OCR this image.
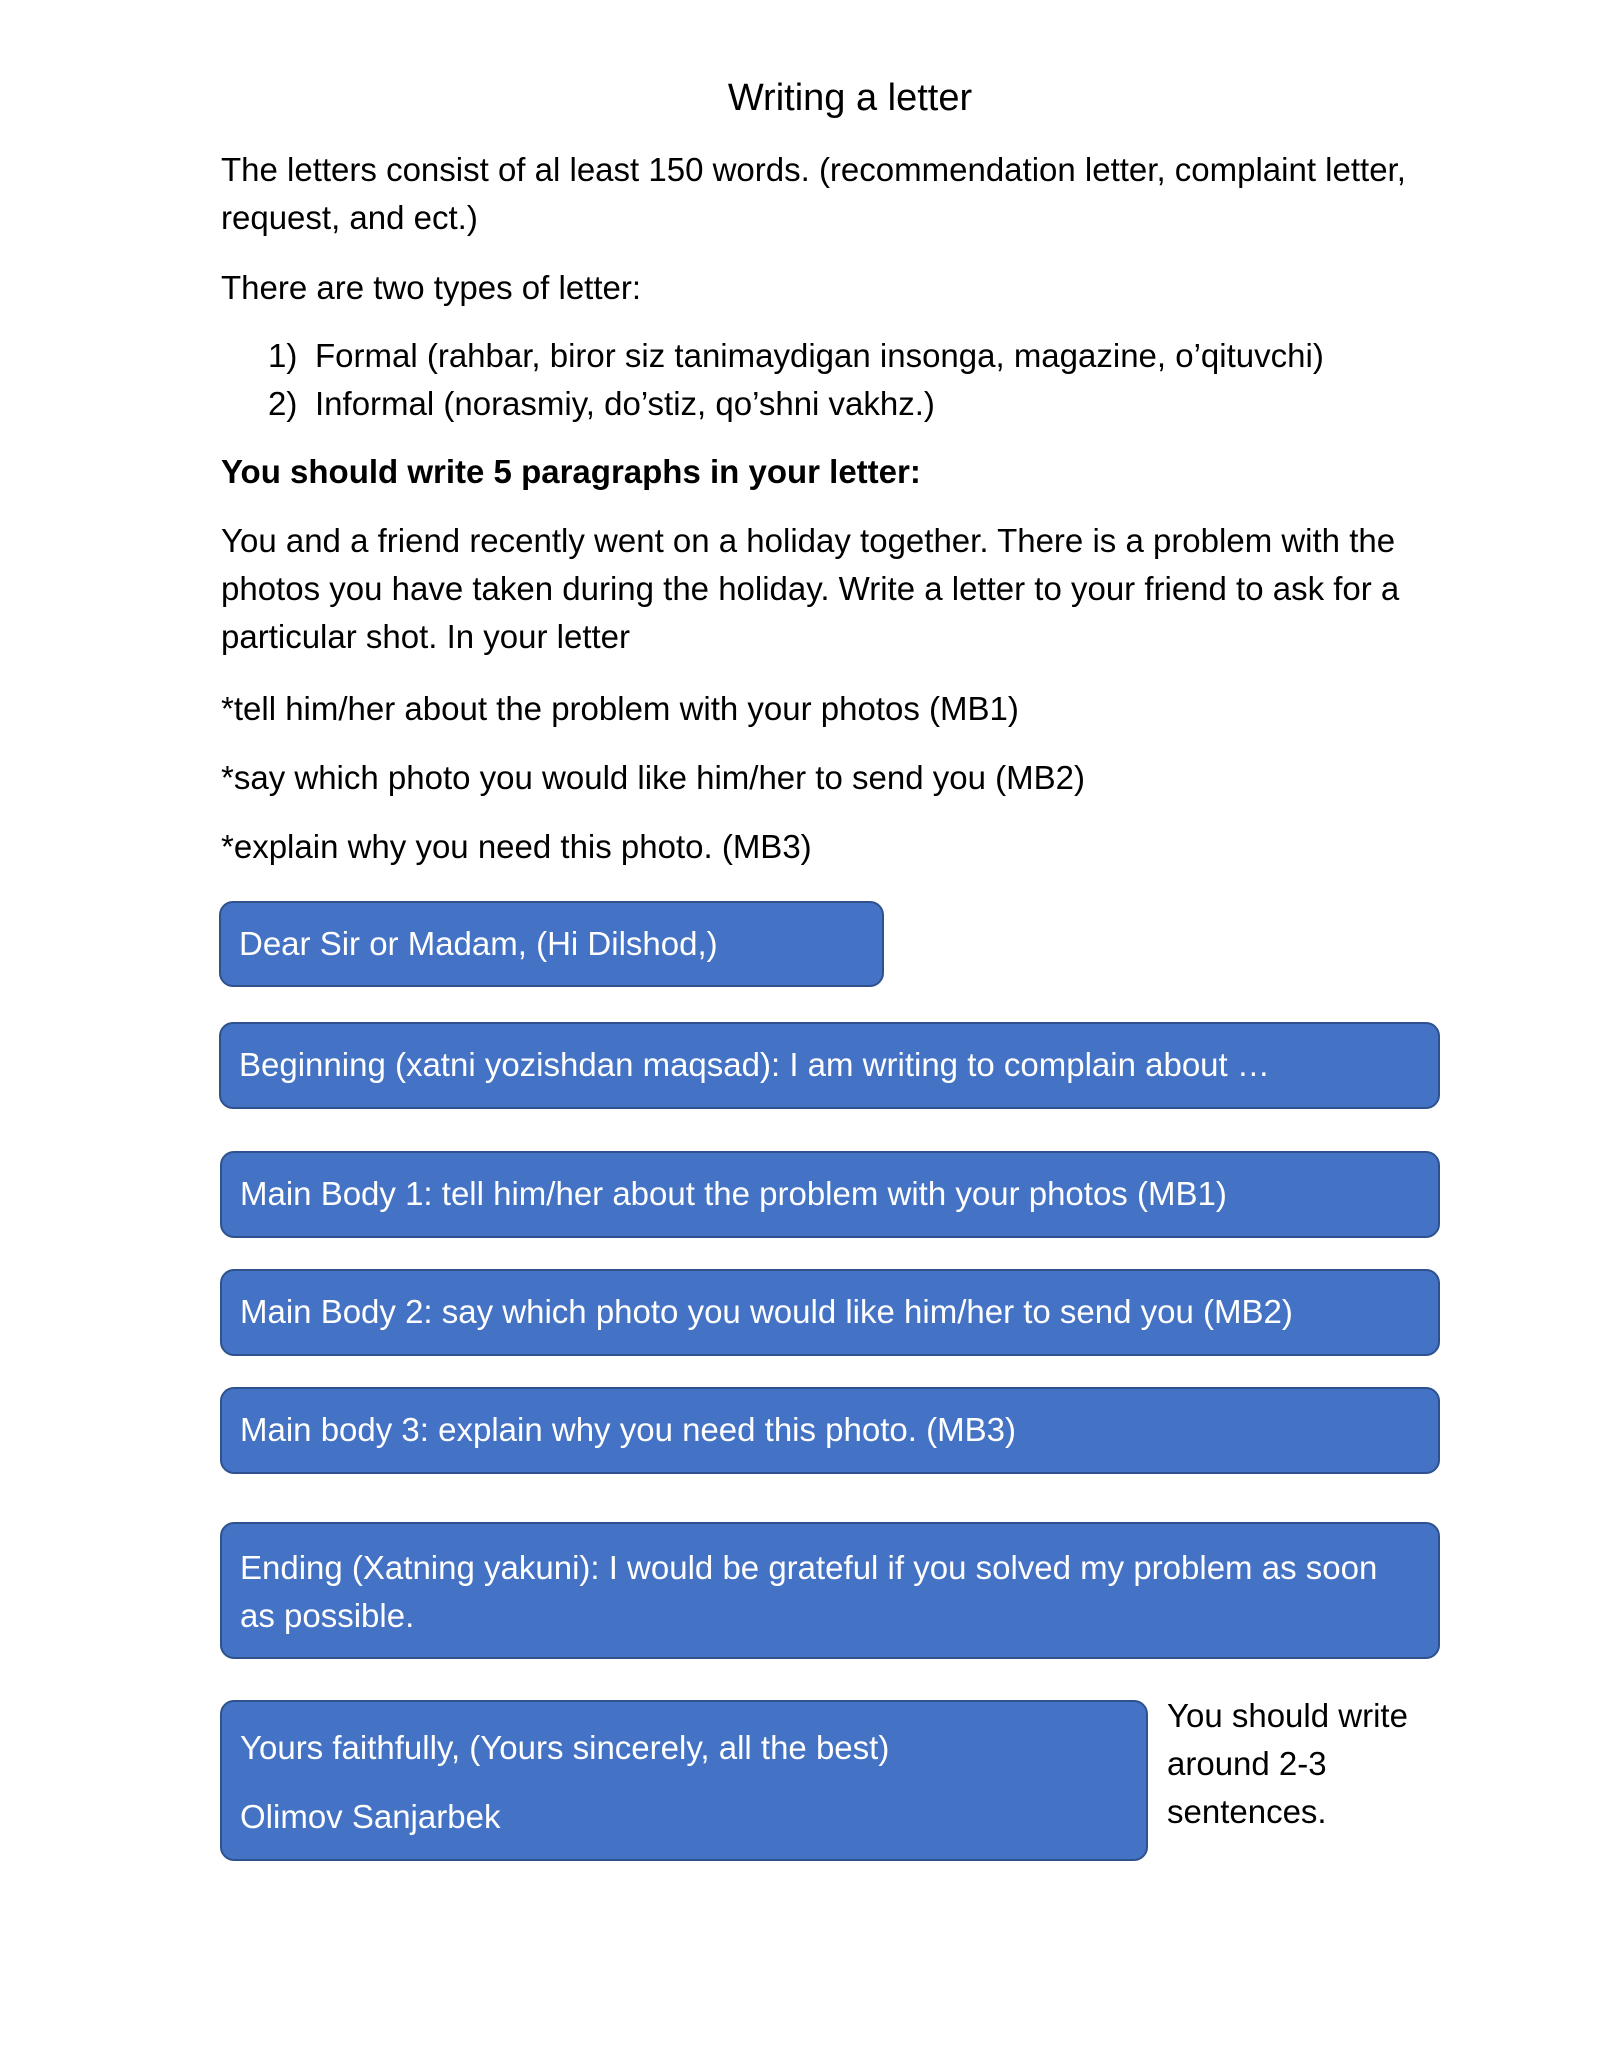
Writing a letter

The letters consist of al least 150 words. (recommendation letter, complaint letter,
request, and ect.)

There are two types of letter:

1) Formal (rahbar, biror siz tanimaydigan insonga, magazine, o’qituvchi)
2) Informal (norasmiy, do’stiz, qo’shni vakhz.)

You should write 5 paragraphs in your letter:

You and a friend recently went on a holiday together. There is a problem with the
photos you have taken during the holiday. Write a letter to your friend to ask for a
particular shot. In your letter

*tell him/her about the problem with your photos (MB1)

*say which photo you would like him/her to send you (MB2)

*explain why you need this photo. (MB3)

Dear Sir or Madam, (Hi Dilshod,)
Beginning (xatni yozishdan maqsad): I am writing to complain about …
Main Body 1: tell him/her about the problem with your photos (MB1)
Main Body 2: say which photo you would like him/her to send you (MB2)
Main body 3: explain why you need this photo. (MB3)
Ending (Xatning yakuni): I would be grateful if you solved my problem as soon
as possible.
Yours faithfully, (Yours sincerely, all the best)
Olimov Sanjarbek
You should write
around 2-3
sentences.
